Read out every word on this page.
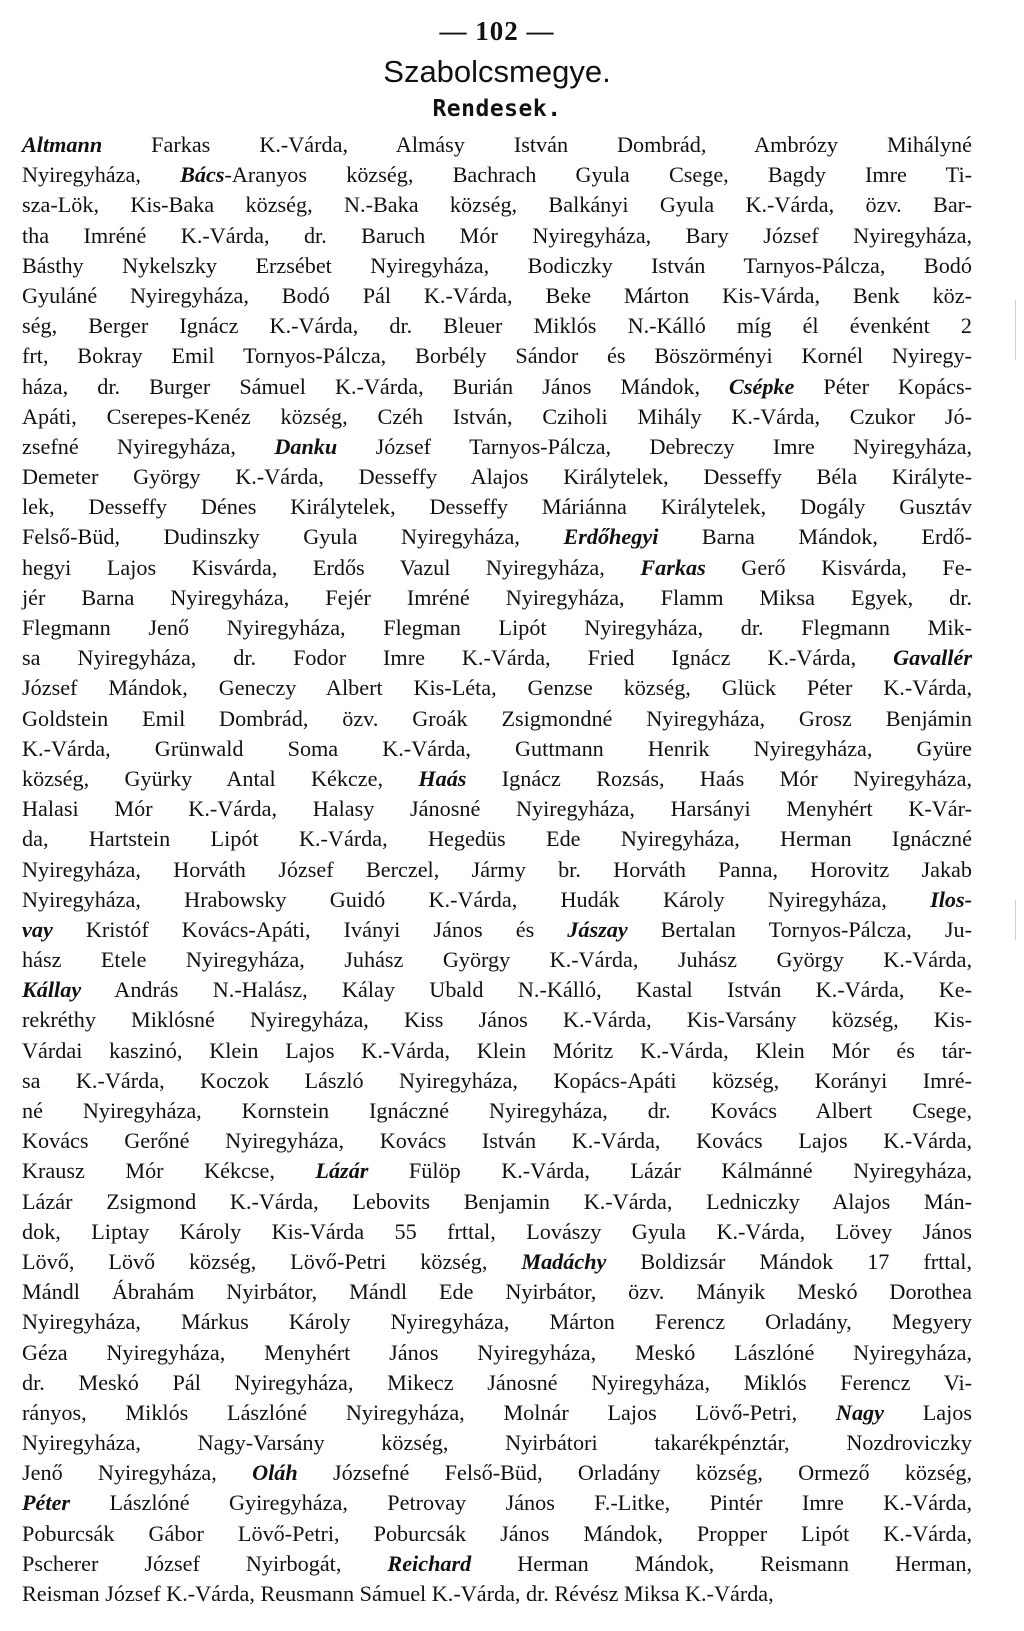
— 102 —
Szabolcsmegye.
Rendesek.
Altmann Farkas K.-Várda, Almásy István Dombrád, Ambrózy Mihályné
Nyiregyháza, Bács-Aranyos község, Bachrach Gyula Csege, Bagdy Imre Ti-
sza-Lök, Kis-Baka község, N.-Baka község, Balkányi Gyula K.-Várda, özv. Bar-
tha Imréné K.-Várda, dr. Baruch Mór Nyiregyháza, Bary József Nyiregyháza,
Básthy Nykelszky Erzsébet Nyiregyháza, Bodiczky István Tarnyos-Pálcza, Bodó
Gyuláné Nyiregyháza, Bodó Pál K.-Várda, Beke Márton Kis-Várda, Benk köz-
ség, Berger Ignácz K.-Várda, dr. Bleuer Miklós N.-Kálló míg él évenként 2
frt, Bokray Emil Tornyos-Pálcza, Borbély Sándor és Böszörményi Kornél Nyiregy-
háza, dr. Burger Sámuel K.-Várda, Burián János Mándok, Csépke Péter Kopács-
Apáti, Cserepes-Kenéz község, Czéh István, Cziholi Mihály K.-Várda, Czukor Jó-
zsefné Nyiregyháza, Danku József Tarnyos-Pálcza, Debreczy Imre Nyiregyháza,
Demeter György K.-Várda, Desseffy Alajos Királytelek, Desseffy Béla Királyte-
lek, Desseffy Dénes Királytelek, Desseffy Máriánna Királytelek, Dogály Gusztáv
Felső-Büd, Dudinszky Gyula Nyiregyháza, Erdőhegyi Barna Mándok, Erdő-
hegyi Lajos Kisvárda, Erdős Vazul Nyiregyháza, Farkas Gerő Kisvárda, Fe-
jér Barna Nyiregyháza, Fejér Imréné Nyiregyháza, Flamm Miksa Egyek, dr.
Flegmann Jenő Nyiregyháza, Flegman Lipót Nyiregyháza, dr. Flegmann Mik-
sa Nyiregyháza, dr. Fodor Imre K.-Várda, Fried Ignácz K.-Várda, Gavallér
József Mándok, Geneczy Albert Kis-Léta, Genzse község, Glück Péter K.-Várda,
Goldstein Emil Dombrád, özv. Groák Zsigmondné Nyiregyháza, Grosz Benjámin
K.-Várda, Grünwald Soma K.-Várda, Guttmann Henrik Nyiregyháza, Gyüre
község, Gyürky Antal Kékcze, Haás Ignácz Rozsás, Haás Mór Nyiregyháza,
Halasi Mór K.-Várda, Halasy Jánosné Nyiregyháza, Harsányi Menyhért K-Vár-
da, Hartstein Lipót K.-Várda, Hegedüs Ede Nyiregyháza, Herman Ignáczné
Nyiregyháza, Horváth József Berczel, Jármy br. Horváth Panna, Horovitz Jakab
Nyiregyháza, Hrabowsky Guidó K.-Várda, Hudák Károly Nyiregyháza, Ilos-
vay Kristóf Kovács-Apáti, Iványi János és Jászay Bertalan Tornyos-Pálcza, Ju-
hász Etele Nyiregyháza, Juhász György K.-Várda, Juhász György K.-Várda,
Kállay András N.-Halász, Kálay Ubald N.-Kálló, Kastal István K.-Várda, Ke-
rekréthy Miklósné Nyiregyháza, Kiss János K.-Várda, Kis-Varsány község, Kis-
Várdai kaszinó, Klein Lajos K.-Várda, Klein Móritz K.-Várda, Klein Mór és tár-
sa K.-Várda, Koczok László Nyiregyháza, Kopács-Apáti község, Korányi Imré-
né Nyiregyháza, Kornstein Ignáczné Nyiregyháza, dr. Kovács Albert Csege,
Kovács Gerőné Nyiregyháza, Kovács István K.-Várda, Kovács Lajos K.-Várda,
Krausz Mór Kékcse, Lázár Fülöp K.-Várda, Lázár Kálmánné Nyiregyháza,
Lázár Zsigmond K.-Várda, Lebovits Benjamin K.-Várda, Ledniczky Alajos Mán-
dok, Liptay Károly Kis-Várda 55 frttal, Lovászy Gyula K.-Várda, Lövey János
Lövő, Lövő község, Lövő-Petri község, Madáchy Boldizsár Mándok 17 frttal,
Mándl Ábrahám Nyirbátor, Mándl Ede Nyirbátor, özv. Mányik Meskó Dorothea
Nyiregyháza, Márkus Károly Nyiregyháza, Márton Ferencz Orladány, Megyery
Géza Nyiregyháza, Menyhért János Nyiregyháza, Meskó Lászlóné Nyiregyháza,
dr. Meskó Pál Nyiregyháza, Mikecz Jánosné Nyiregyháza, Miklós Ferencz Vi-
rányos, Miklós Lászlóné Nyiregyháza, Molnár Lajos Lövő-Petri, Nagy Lajos
Nyiregyháza, Nagy-Varsány község, Nyirbátori takarékpénztár, Nozdroviczky
Jenő Nyiregyháza, Oláh Józsefné Felső-Büd, Orladány község, Ormező község,
Péter Lászlóné Gyiregyháza, Petrovay János F.-Litke, Pintér Imre K.-Várda,
Poburcsák Gábor Lövő-Petri, Poburcsák János Mándok, Propper Lipót K.-Várda,
Pscherer József Nyirbogát, Reichard Herman Mándok, Reismann Herman,
Reisman József K.-Várda, Reusmann Sámuel K.-Várda, dr. Révész Miksa K.-Várda,
